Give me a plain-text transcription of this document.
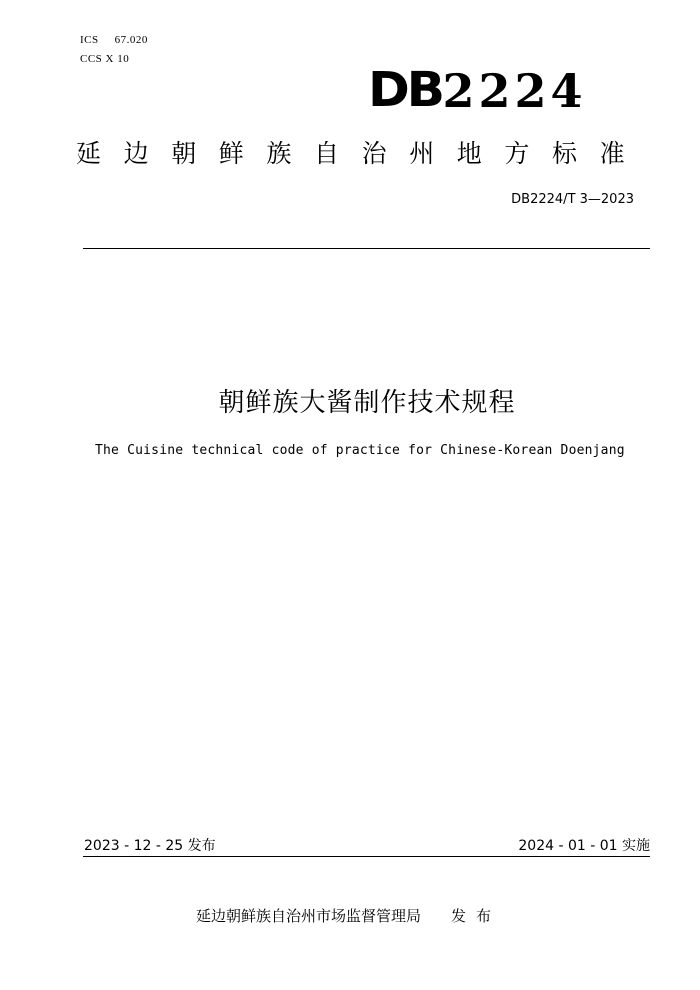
ICS 67.020
CCS X 10
DB 2224
延边朝鲜族自治州地方标准
DB2224/T 3—2023
朝鲜族大酱制作技术规程
The Cuisine technical code of practice for Chinese-Korean Doenjang
2023 - 12 - 25 发布	2024 - 01 - 01 实施
延边朝鲜族自治州市场监督管理局 发布
